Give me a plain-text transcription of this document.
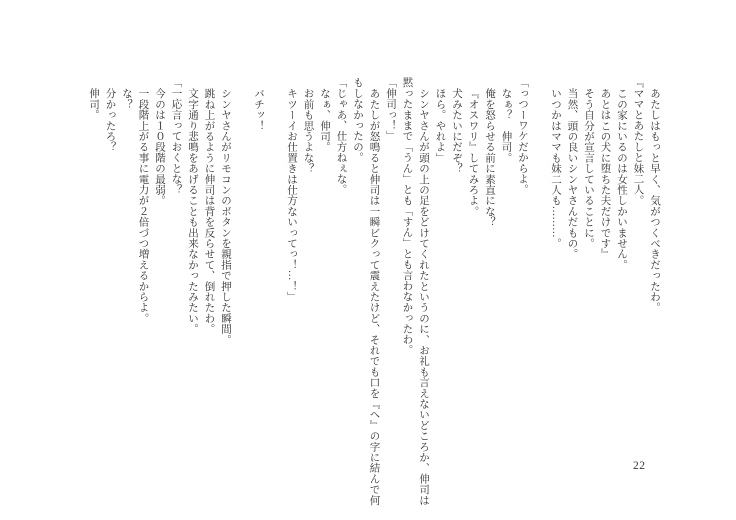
あたしはもっと早く、気がつくべきだったわ。
『ママとあたしと妹二人。
この家にいるのは女性しかいません。
あとはこの犬に堕ちた夫だけです』
そう自分が宣言していることに。
当然、頭の良いシンヤさんだもの。
いつかはママも妹二人も………。
「っつーワケだからよ。
なぁ？　伸司。
俺を怒らせる前に素直にな？
『オスワリ』してみろよ。
犬みたいにだぞ？
ほら。やれよ」
シンヤさんが頭の上の足をどけてくれたというのに、お礼も言えないどころか、伸司は
黙ったままで「うん」とも「すん」とも言わなかったわ。
「伸司っ！」
あたしが怒鳴ると伸司は一瞬ビクって震えたけど、それでも口を『へ』の字に結んで何
もしなかったの。
「じゃあ、仕方ねぇな。
なぁ、伸司。
お前も思うよな？
キツーイお仕置きは仕方ないってっ！…！」
バチッ！
シンヤさんがリモコンのボタンを親指で押した瞬間。
跳ね上がるように伸司は背を反らせて、倒れたわ。
文字通り悲鳴をあげることも出来なかったみたい。
「一応言っておくとな？
今のは１０段階の最弱。
一段階上がる事に電力が２倍づつ増えるからよ。
な？
分かったろ？
伸司。
22
